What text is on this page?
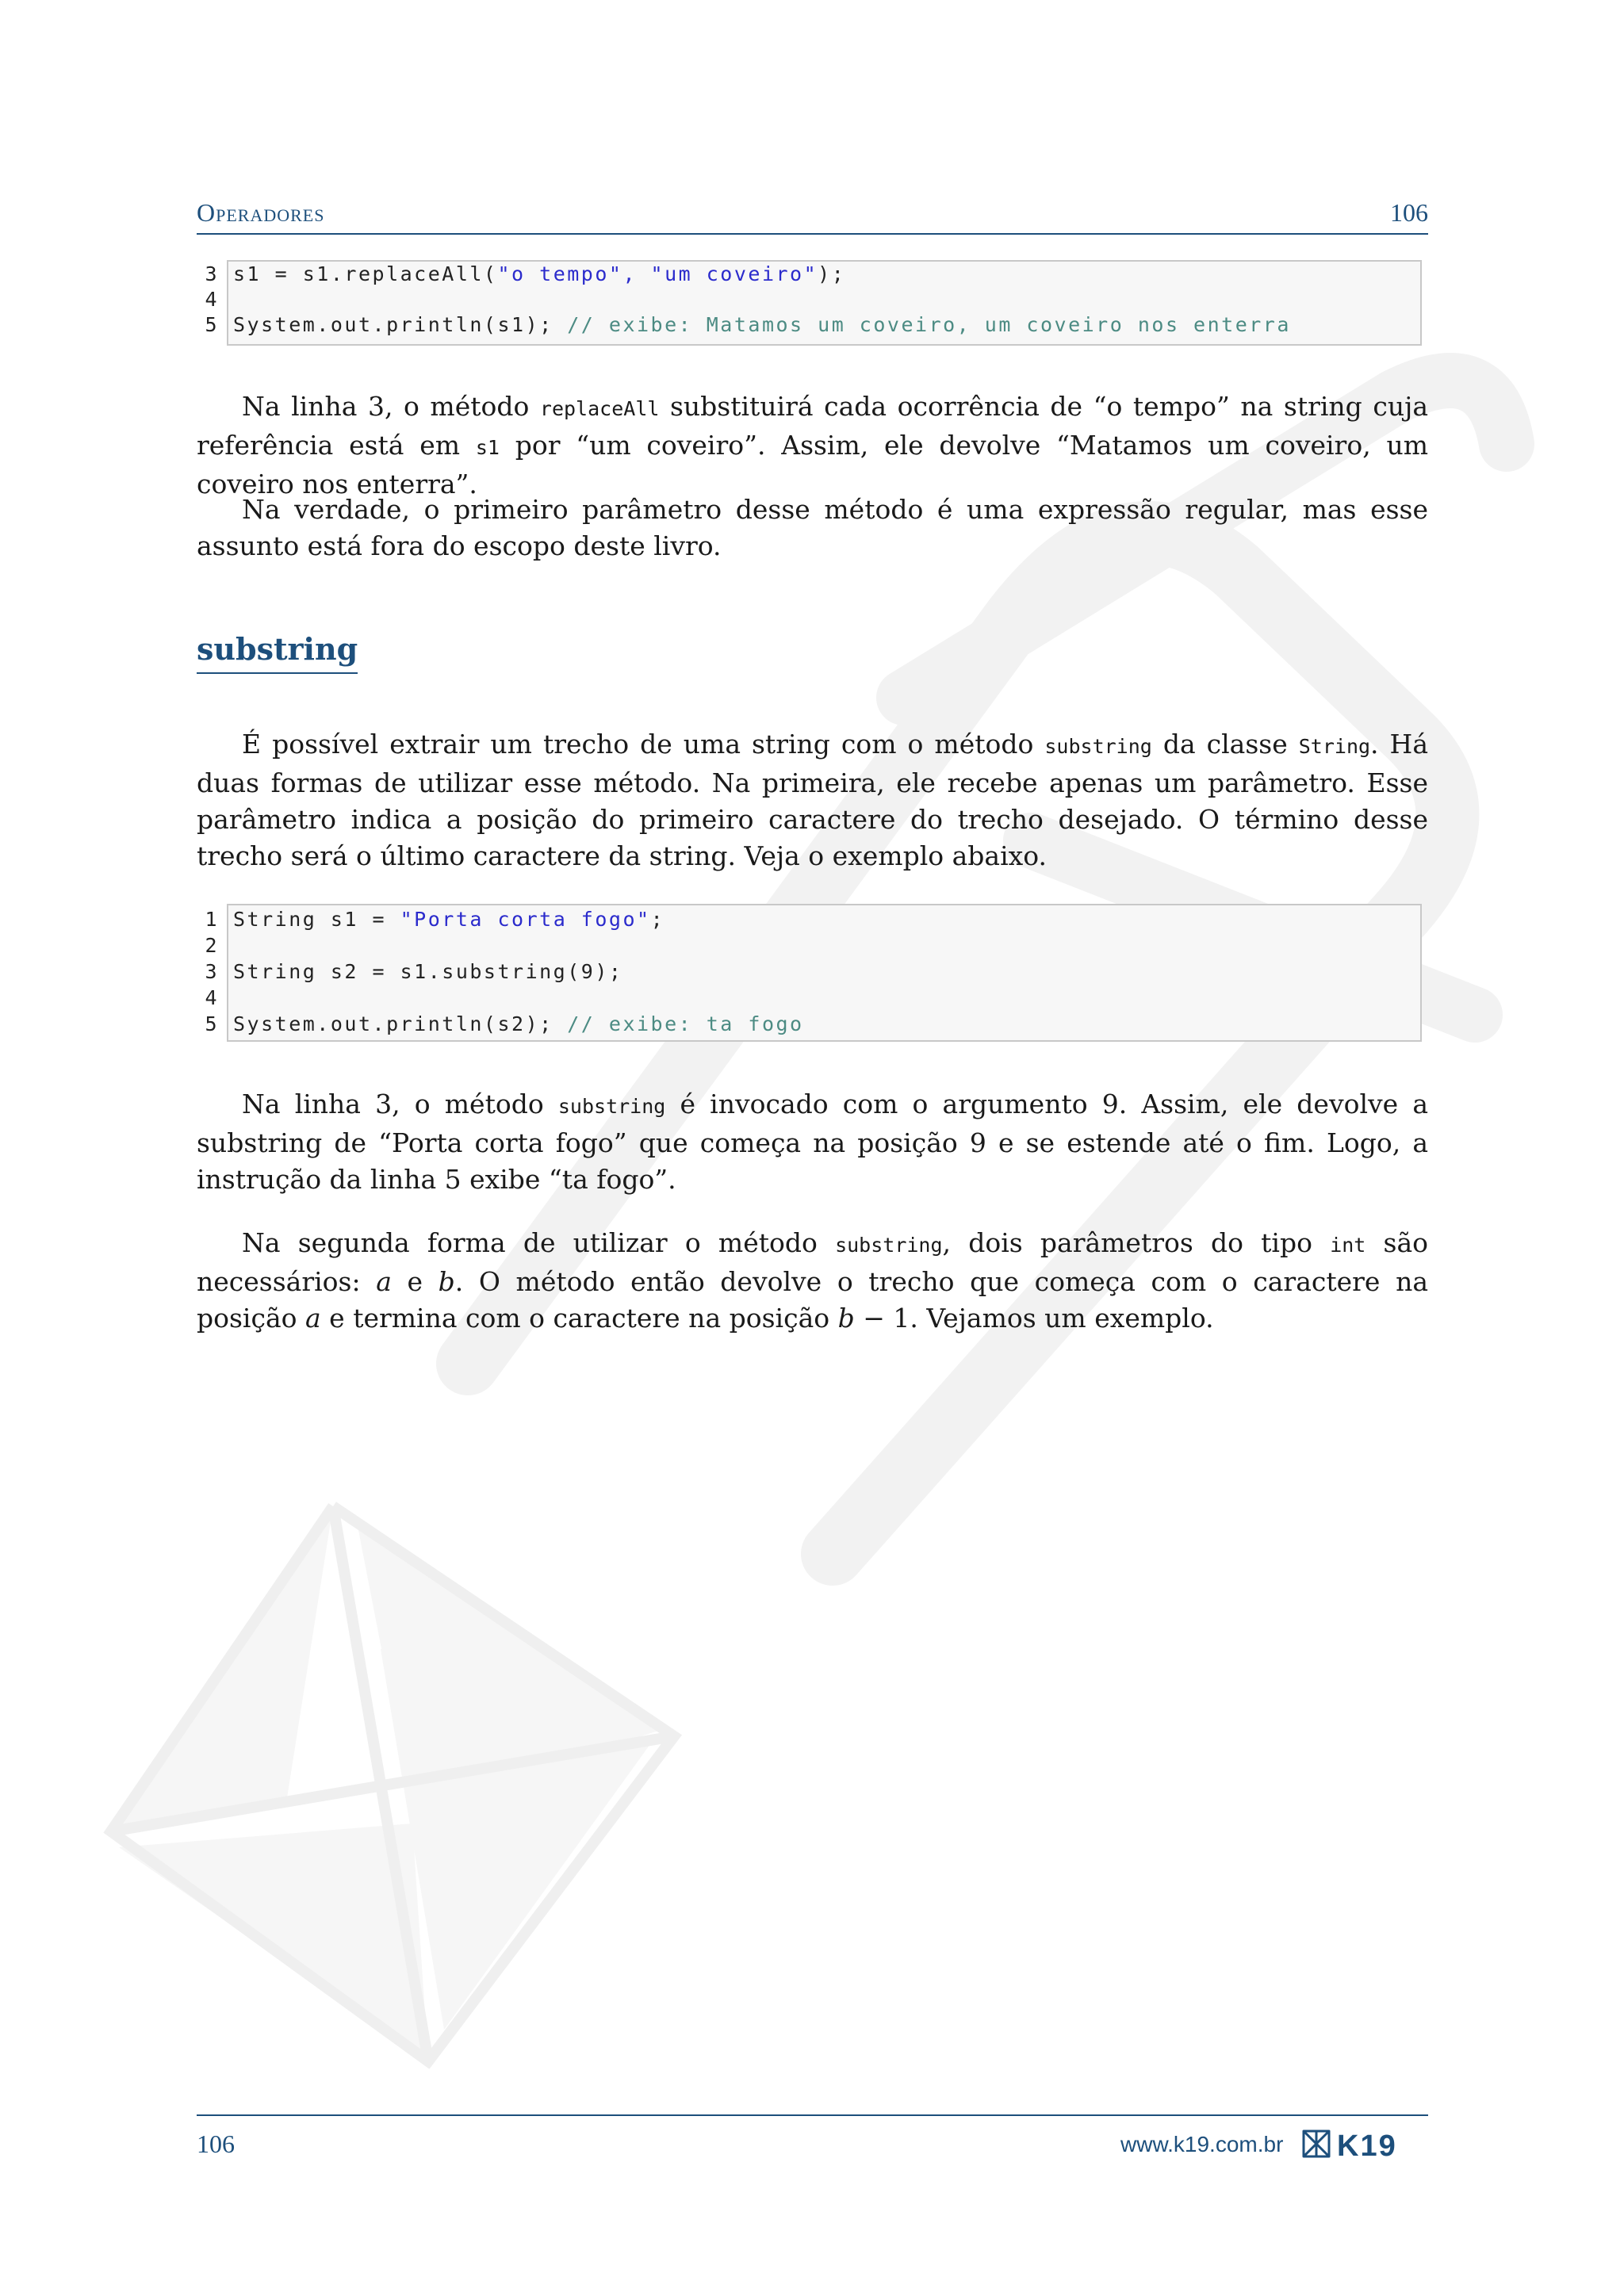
Operadores	106
3 s1 = s1.replaceAll("o tempo", "um coveiro");
4
5 System.out.println(s1); // exibe: Matamos um coveiro, um coveiro nos enterra
Na linha 3, o método replaceAll substituirá cada ocorrência de “o tempo” na string cuja referência está em s1 por “um coveiro”. Assim, ele devolve “Matamos um coveiro, um coveiro nos enterra”.
Na verdade, o primeiro parâmetro desse método é uma expressão regular, mas esse assunto está fora do escopo deste livro.
substring
É possível extrair um trecho de uma string com o método substring da classe String. Há duas formas de utilizar esse método. Na primeira, ele recebe apenas um parâmetro. Esse parâmetro indica a posição do primeiro caractere do trecho desejado. O término desse trecho será o último caractere da string. Veja o exemplo abaixo.
1 String s1 = "Porta corta fogo";
2
3 String s2 = s1.substring(9);
4
5 System.out.println(s2); // exibe: ta fogo
Na linha 3, o método substring é invocado com o argumento 9. Assim, ele devolve a substring de “Porta corta fogo” que começa na posição 9 e se estende até o fim. Logo, a instrução da linha 5 exibe “ta fogo”.
Na segunda forma de utilizar o método substring, dois parâmetros do tipo int são necessários: a e b. O método então devolve o trecho que começa com o caractere na posição a e termina com o caractere na posição b − 1. Vejamos um exemplo.
106	www.k19.com.br K19
